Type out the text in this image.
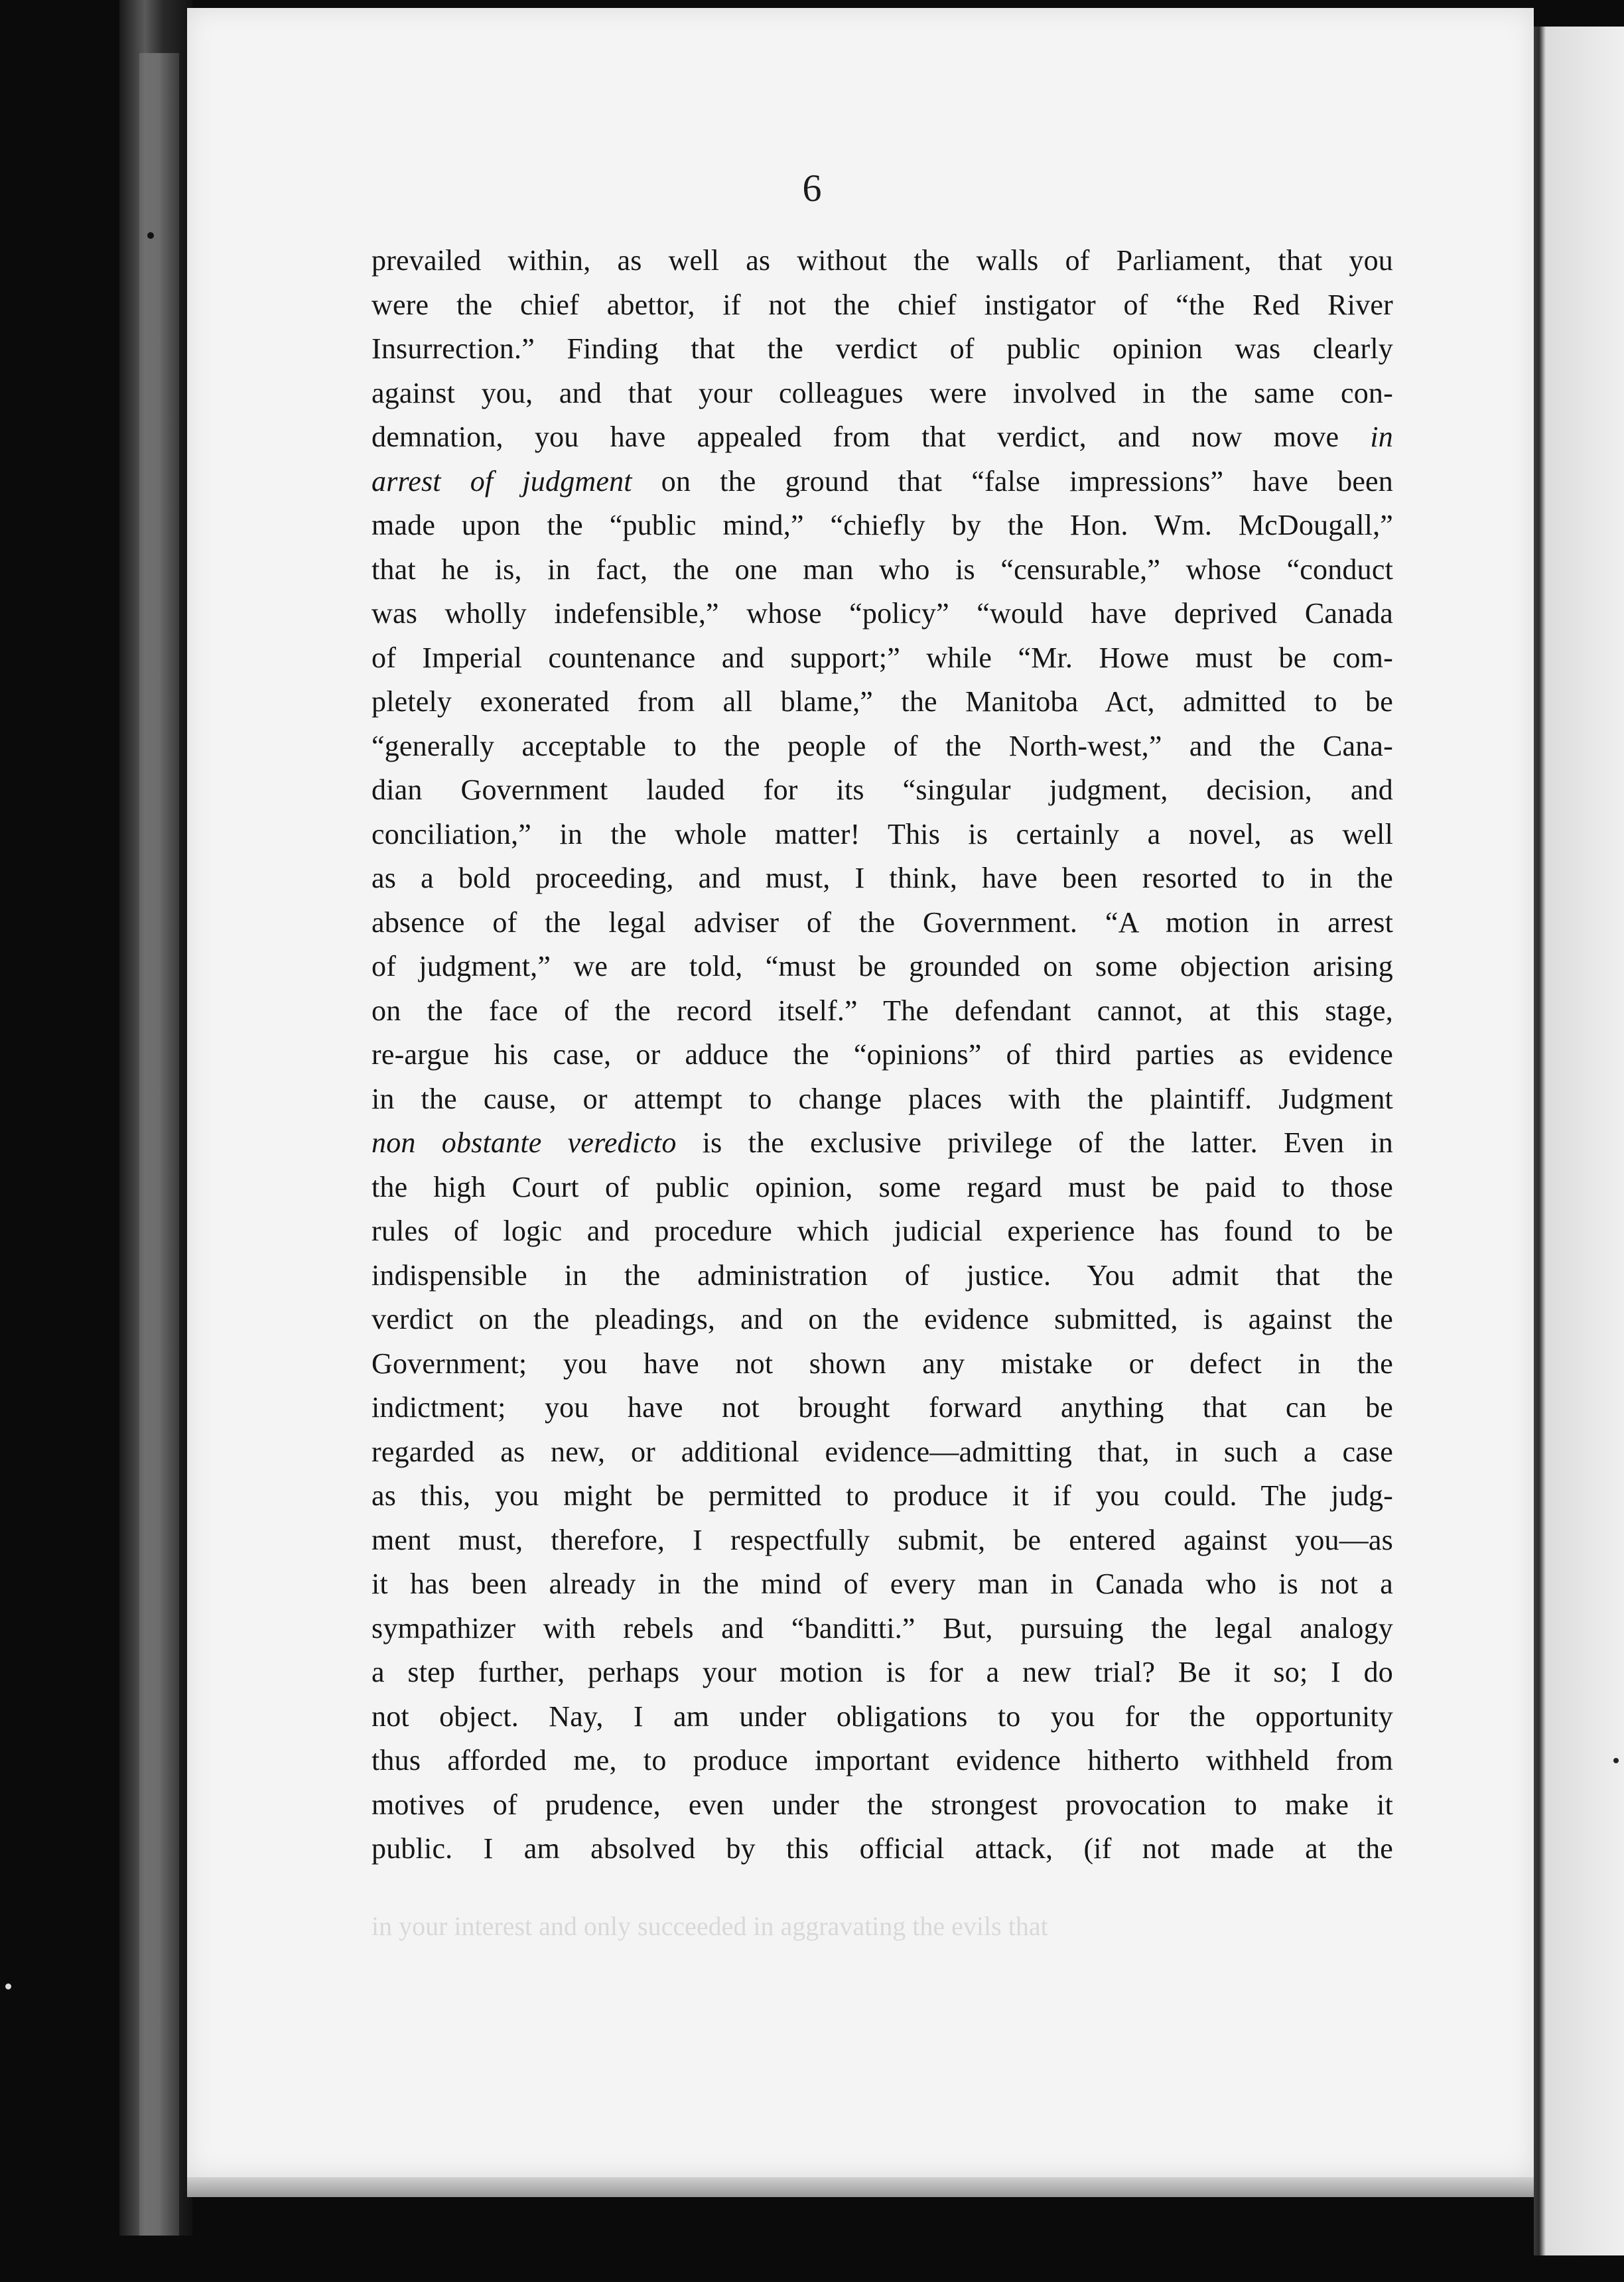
6
prevailed within, as well as without the walls of Parliament, that you
were the chief abettor, if not the chief instigator of “the Red River
Insurrection.” Finding that the verdict of public opinion was clearly
against you, and that your colleagues were involved in the same con-
demnation, you have appealed from that verdict, and now move in
arrest of judgment on the ground that “false impressions” have been
made upon the “public mind,” “chiefly by the Hon. Wm. McDougall,”
that he is, in fact, the one man who is “censurable,” whose “conduct
was wholly indefensible,” whose “policy” “would have deprived Canada
of Imperial countenance and support;” while “Mr. Howe must be com-
pletely exonerated from all blame,” the Manitoba Act, admitted to be
“generally acceptable to the people of the North-west,” and the Cana-
dian Government lauded for its “singular judgment, decision, and
conciliation,” in the whole matter! This is certainly a novel, as well
as a bold proceeding, and must, I think, have been resorted to in the
absence of the legal adviser of the Government. “A motion in arrest
of judgment,” we are told, “must be grounded on some objection arising
on the face of the record itself.” The defendant cannot, at this stage,
re-argue his case, or adduce the “opinions” of third parties as evidence
in the cause, or attempt to change places with the plaintiff. Judgment
non obstante veredicto is the exclusive privilege of the latter. Even in
the high Court of public opinion, some regard must be paid to those
rules of logic and procedure which judicial experience has found to be
indispensible in the administration of justice. You admit that the
verdict on the pleadings, and on the evidence submitted, is against the
Government; you have not shown any mistake or defect in the
indictment; you have not brought forward anything that can be
regarded as new, or additional evidence—admitting that, in such a case
as this, you might be permitted to produce it if you could. The judg-
ment must, therefore, I respectfully submit, be entered against you—as
it has been already in the mind of every man in Canada who is not a
sympathizer with rebels and “banditti.” But, pursuing the legal analogy
a step further, perhaps your motion is for a new trial? Be it so; I do
not object. Nay, I am under obligations to you for the opportunity
thus afforded me, to produce important evidence hitherto withheld from
motives of prudence, even under the strongest provocation to make it
public. I am absolved by this official attack, (if not made at the
in your interest and only succeeded in aggravating the evils that
